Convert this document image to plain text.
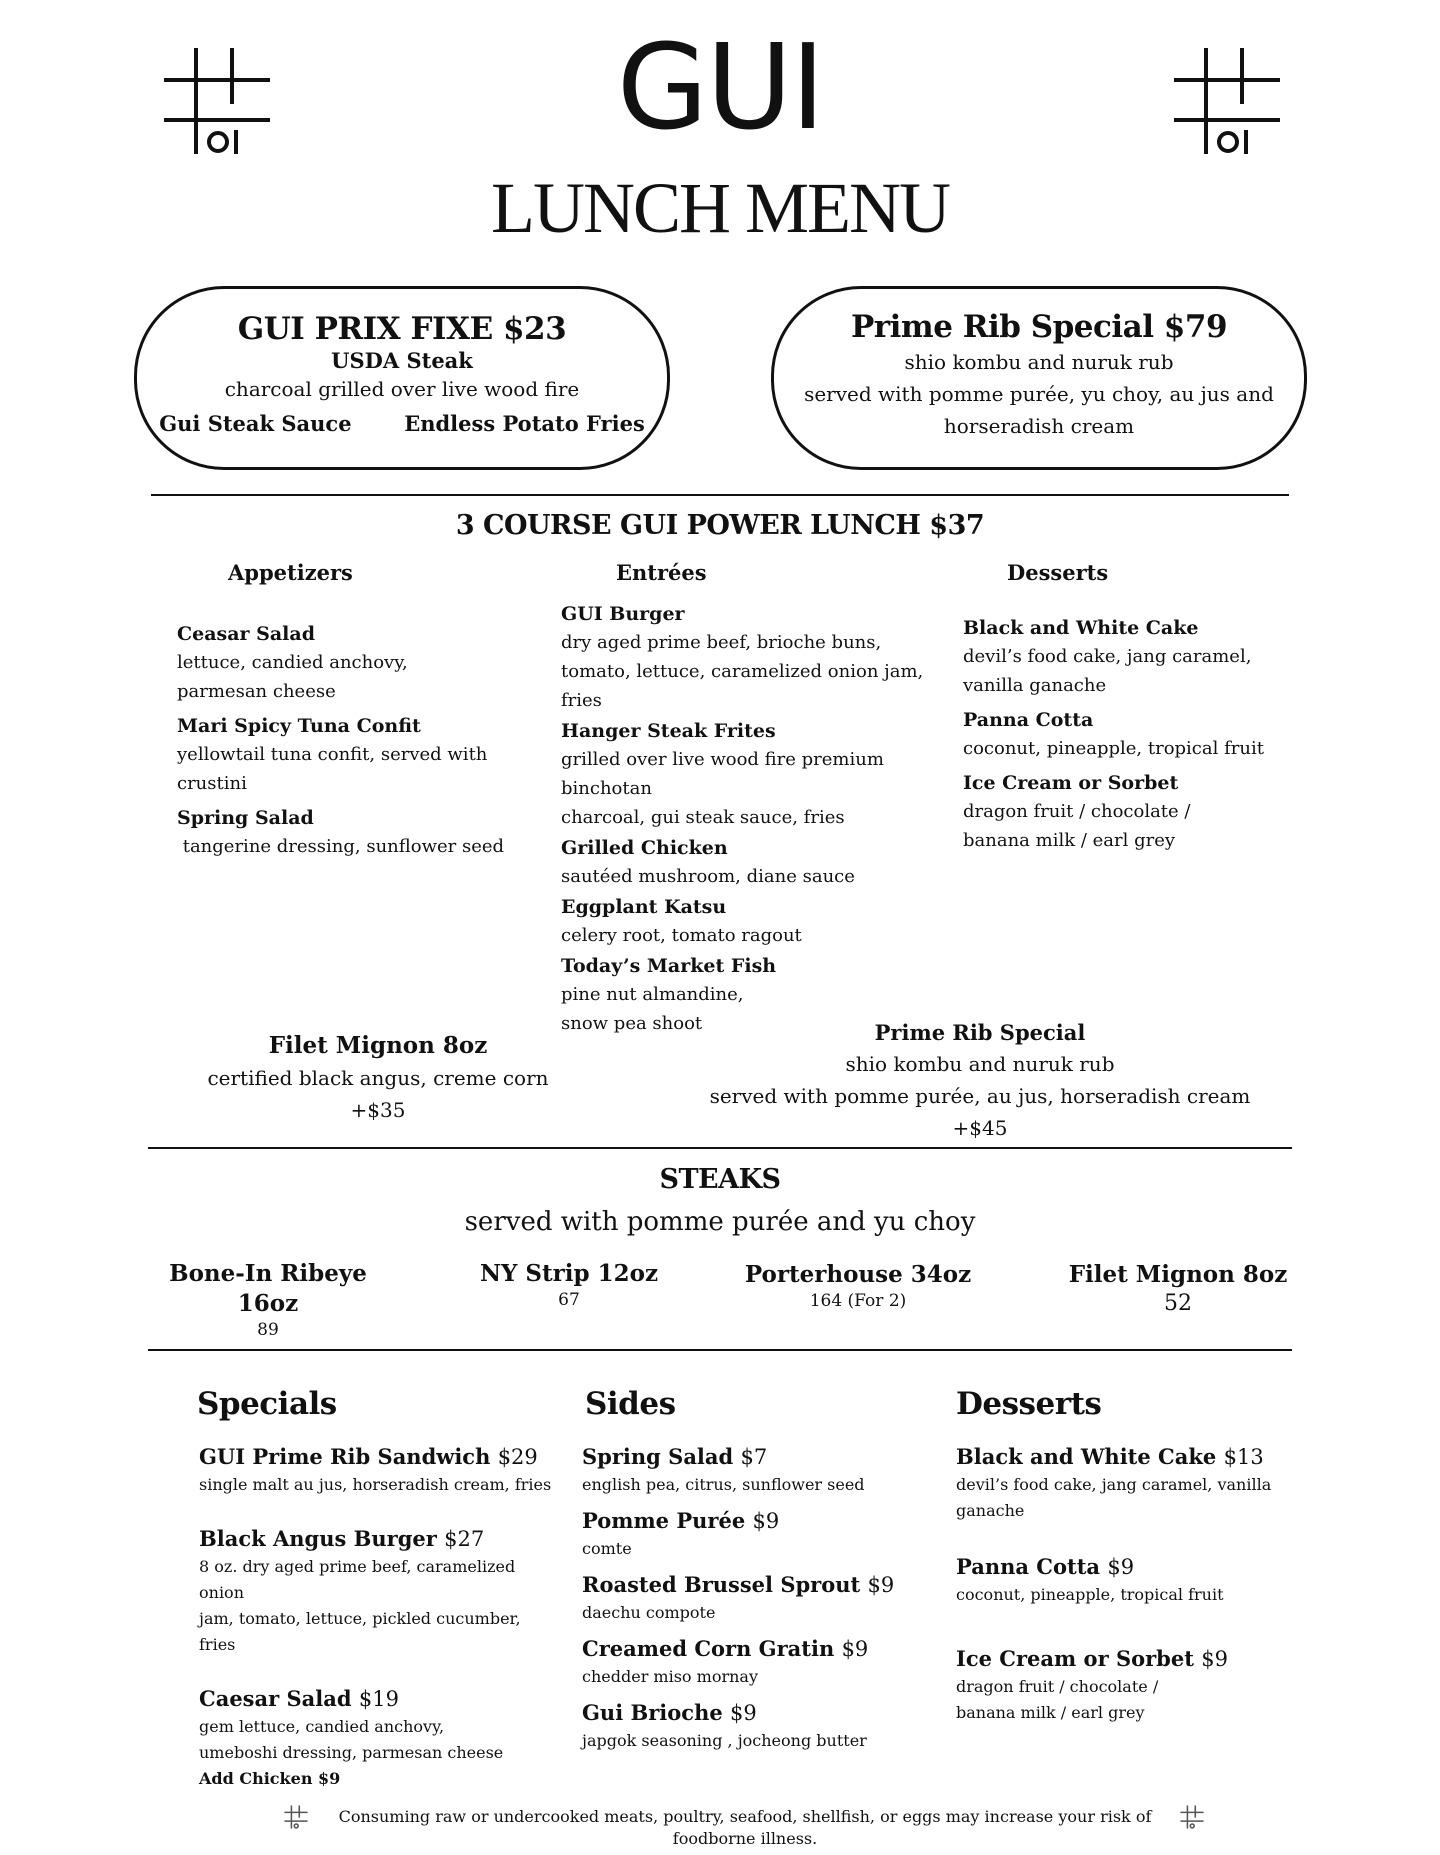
GUI
LUNCH MENU
GUI PRIX FIXE $23
USDA Steak
charcoal grilled over live wood fire
Gui Steak Sauce	Endless Potato Fries
Prime Rib Special $79
shio kombu and nuruk rub
served with pomme purée, yu choy, au jus and
horseradish cream
3 COURSE GUI POWER LUNCH $37
Appetizers	Entrées	Desserts
Ceasar Salad
lettuce, candied anchovy,
parmesan cheese
Mari Spicy Tuna Confit
yellowtail tuna confit, served with
crustini
Spring Salad
tangerine dressing, sunflower seed
GUI Burger
dry aged prime beef, brioche buns,
tomato, lettuce, caramelized onion jam,
fries
Hanger Steak Frites
grilled over live wood fire premium binchotan
charcoal, gui steak sauce, fries
Grilled Chicken
sautéed mushroom, diane sauce
Eggplant Katsu
celery root, tomato ragout
Today’s Market Fish
pine nut almandine,
snow pea shoot
Black and White Cake
devil’s food cake, jang caramel,
vanilla ganache
Panna Cotta
coconut, pineapple, tropical fruit
Ice Cream or Sorbet
dragon fruit / chocolate /
banana milk / earl grey
Filet Mignon 8oz
certified black angus, creme corn
+$35
Prime Rib Special
shio kombu and nuruk rub
served with pomme purée, au jus, horseradish cream
+$45
STEAKS
served with pomme purée and yu choy
Bone-In Ribeye 16oz
89
NY Strip 12oz
67
Porterhouse 34oz
164 (For 2)
Filet Mignon 8oz
52
Specials	Sides	Desserts
GUI Prime Rib Sandwich $29
single malt au jus, horseradish cream, fries
Black Angus Burger $27
8 oz. dry aged prime beef, caramelized onion
jam, tomato, lettuce, pickled cucumber, fries
Caesar Salad $19
gem lettuce, candied anchovy,
umeboshi dressing, parmesan cheese
Add Chicken $9
Spring Salad $7
english pea, citrus, sunflower seed
Pomme Purée $9
comte
Roasted Brussel Sprout $9
daechu compote
Creamed Corn Gratin $9
chedder miso mornay
Gui Brioche $9
japgok seasoning , jocheong butter
Black and White Cake $13
devil’s food cake, jang caramel, vanilla
ganache
Panna Cotta $9
coconut, pineapple, tropical fruit
Ice Cream or Sorbet $9
dragon fruit / chocolate /
banana milk / earl grey
Consuming raw or undercooked meats, poultry, seafood, shellfish, or eggs may increase your risk of foodborne illness.
